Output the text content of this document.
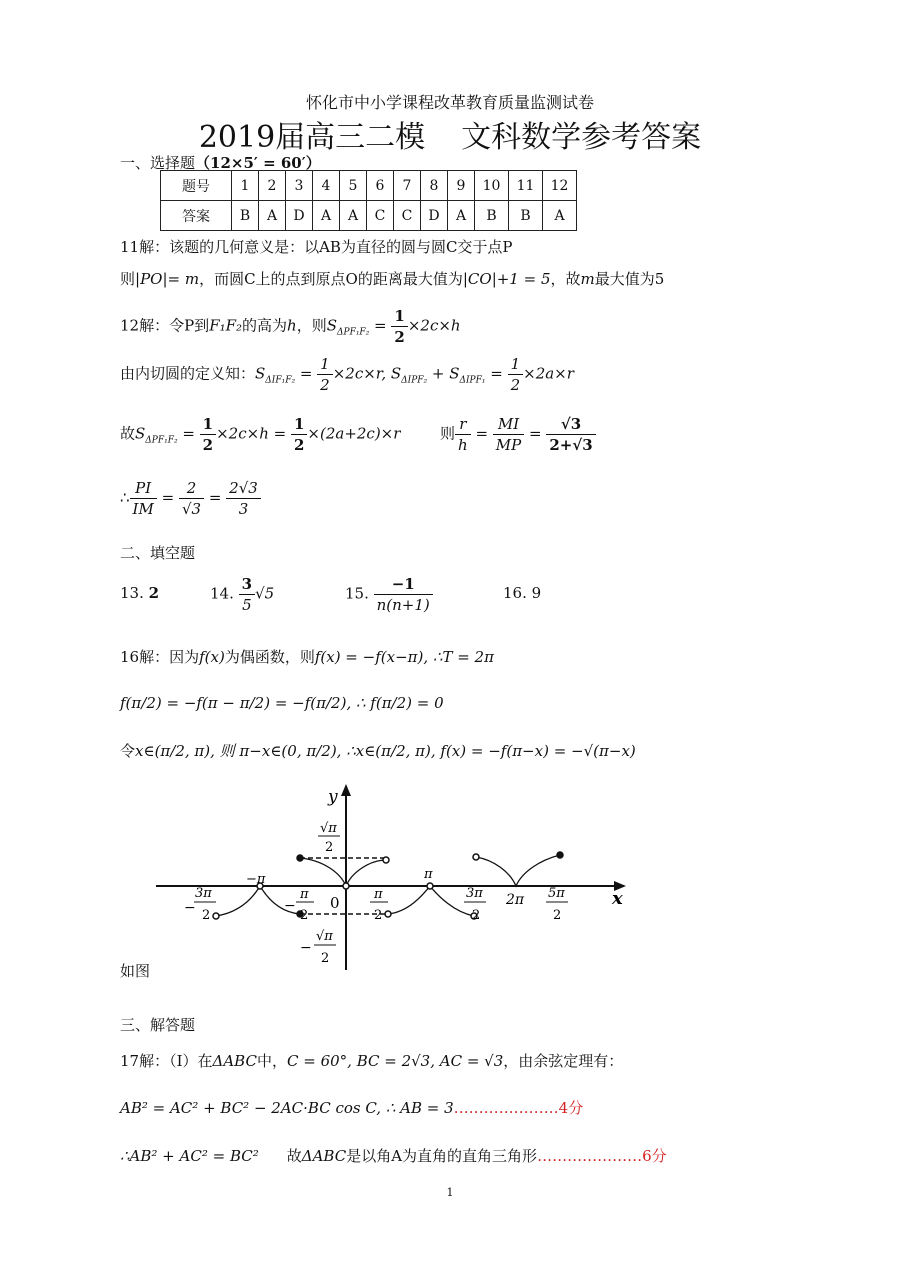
怀化市中小学课程改革教育质量监测试卷
2019届高三二模 文科数学参考答案
一、选择题（12×5′ = 60′）
题号	1	2	3	4	5	6	7	8	9	10	11	12
答案	B	A	D	A	A	C	C	D	A	B	B	A
11解：该题的几何意义是：以AB为直径的圆与圆C交于点P
则|PO|= m，而圆C上的点到原点O的距离最大值为|CO|+1 = 5，故m最大值为5
12解：令P到F₁F₂的高为h，则$S_{\Delta PF_1F_2} = \frac{1}{2} \times 2c\times h$
由内切圆的定义知：$S_{\Delta IF_1F_2} = \frac{1}{2} \times 2c\times r$, $S_{\Delta IPF_2} + S_{\Delta IPF_1} = \frac{1}{2} \times 2a\times r$
故$S_{\Delta PF_1F_2} = \frac{1}{2} \times 2c\times h = \frac{1}{2} \times(2a+2c)\times r$	则 $\frac{r}{h} = \frac{MI}{MP} = \frac{√3}{2+√3}$
∴ $\frac{PI}{IM} = \frac{2}{√3} = \frac{2√3}{3}$
二、填空题
13. 2	14. $\frac{3}{5} √5$	15. $\frac{-1}{n(n+1)}$	16. 9
16解：因为f(x)为偶函数，则f(x) = −f(x−π), ∴T = 2π
f(π/2) = −f(π − π/2) = −f(π/2), ∴ f(π/2) = 0
令x∈(π/2, π), 则 π−x∈(0, π/2), ∴x∈(π/2, π), f(x) = −f(π−x) = −√(π−x)
y
x
0
√π
2
−π	π
2π
−
3π
2
−
π
2
π
2
3π
2
5π
2
−
√π
2
如图
三、解答题
17解：（Ⅰ）在ΔABC中，C = 60°, BC = 2√3, AC = √3，由余弦定理有：
AB² = AC² + BC² − 2AC·BC cos C, ∴ AB = 3…………………4分
∴AB² + AC² = BC² 故ΔABC是以角A为直角的直角三角形…………………6分
1
